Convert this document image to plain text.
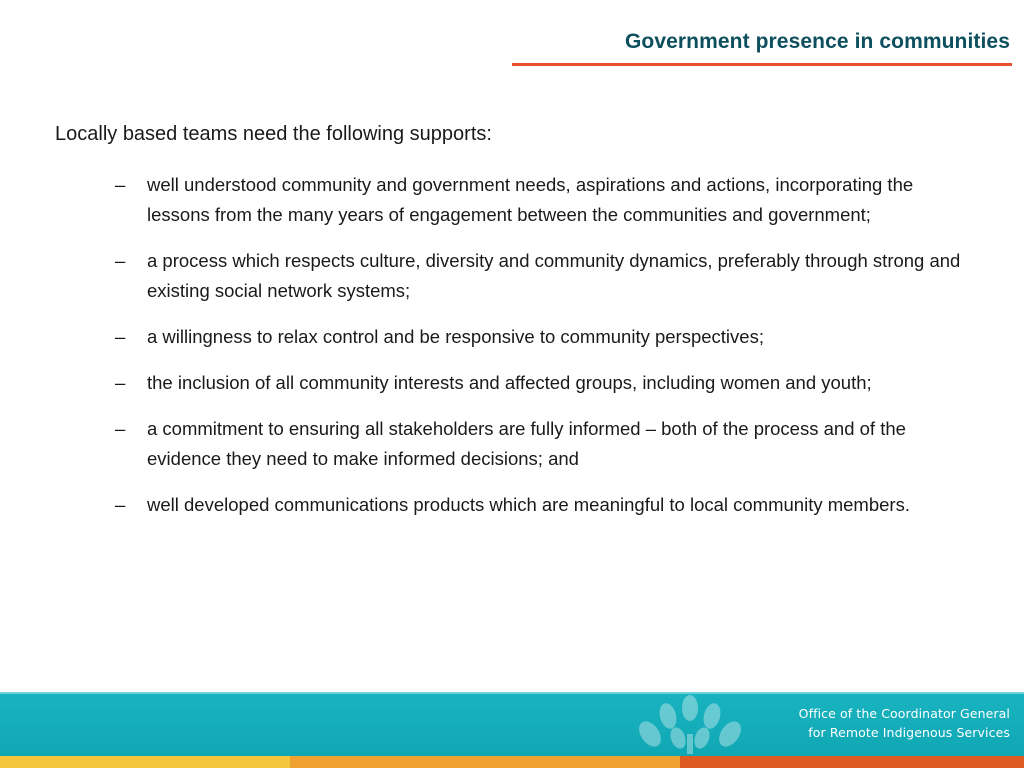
Government presence in communities
Locally based teams need the following supports:
–	well understood community and government needs, aspirations and actions, incorporating the lessons from the many years of engagement between the communities and government;
–	a process which respects culture, diversity and community dynamics, preferably through strong and existing social network systems;
–	a willingness to relax control and be responsive to community perspectives;
–	the inclusion of all community interests and affected groups, including women and youth;
–	a commitment to ensuring all stakeholders are fully informed – both of the process and of the evidence they need to make informed decisions; and
–	well developed communications products which are meaningful to local community members.
Office of the Coordinator General
for Remote Indigenous Services
